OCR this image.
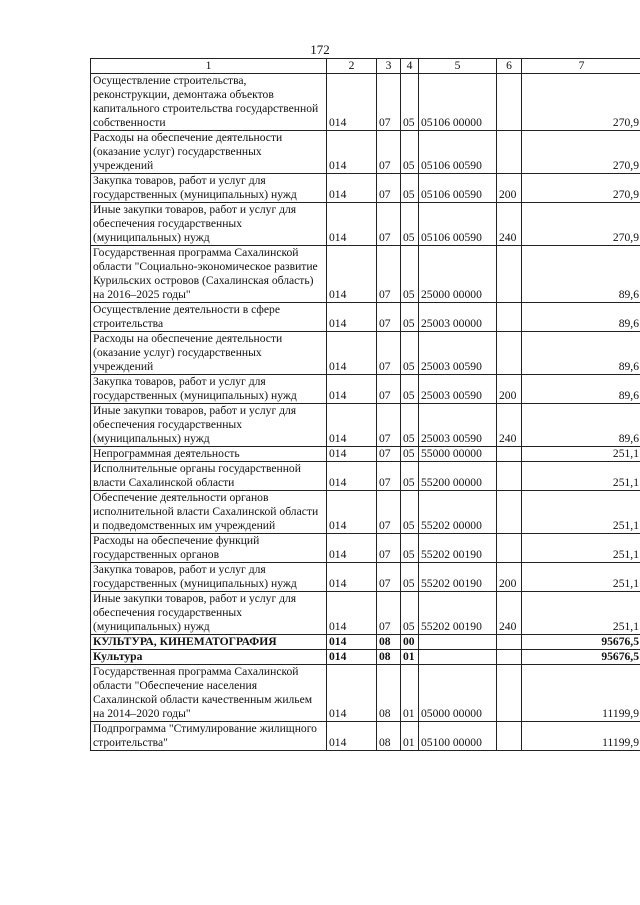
172
1	2	3	4	5	6	7
Осуществление строительства, реконструкции, демонтажа объектов капитального строительства государственной собственности	014	07	05	05106 00000		270,9
Расходы на обеспечение деятельности (оказание услуг) государственных учреждений	014	07	05	05106 00590		270,9
Закупка товаров, работ и услуг для государственных (муниципальных) нужд	014	07	05	05106 00590	200	270,9
Иные закупки товаров, работ и услуг для обеспечения государственных (муниципальных) нужд	014	07	05	05106 00590	240	270,9
Государственная программа Сахалинской области "Социально-экономическое развитие Курильских островов (Сахалинская область) на 2016–2025 годы"	014	07	05	25000 00000		89,6
Осуществление деятельности в сфере строительства	014	07	05	25003 00000		89,6
Расходы на обеспечение деятельности (оказание услуг) государственных учреждений	014	07	05	25003 00590		89,6
Закупка товаров, работ и услуг для государственных (муниципальных) нужд	014	07	05	25003 00590	200	89,6
Иные закупки товаров, работ и услуг для обеспечения государственных (муниципальных) нужд	014	07	05	25003 00590	240	89,6
Непрограммная деятельность	014	07	05	55000 00000		251,1
Исполнительные органы государственной власти Сахалинской области	014	07	05	55200 00000		251,1
Обеспечение деятельности органов исполнительной власти Сахалинской области и подведомственных им учреждений	014	07	05	55202 00000		251,1
Расходы на обеспечение функций государственных органов	014	07	05	55202 00190		251,1
Закупка товаров, работ и услуг для государственных (муниципальных) нужд	014	07	05	55202 00190	200	251,1
Иные закупки товаров, работ и услуг для обеспечения государственных (муниципальных) нужд	014	07	05	55202 00190	240	251,1
КУЛЬТУРА, КИНЕМАТОГРАФИЯ	014	08	00			95676,5
Культура	014	08	01			95676,5
Государственная программа Сахалинской области "Обеспечение населения Сахалинской области качественным жильем на 2014–2020 годы"	014	08	01	05000 00000		11199,9
Подпрограмма "Стимулирование жилищного строительства"	014	08	01	05100 00000		11199,9
